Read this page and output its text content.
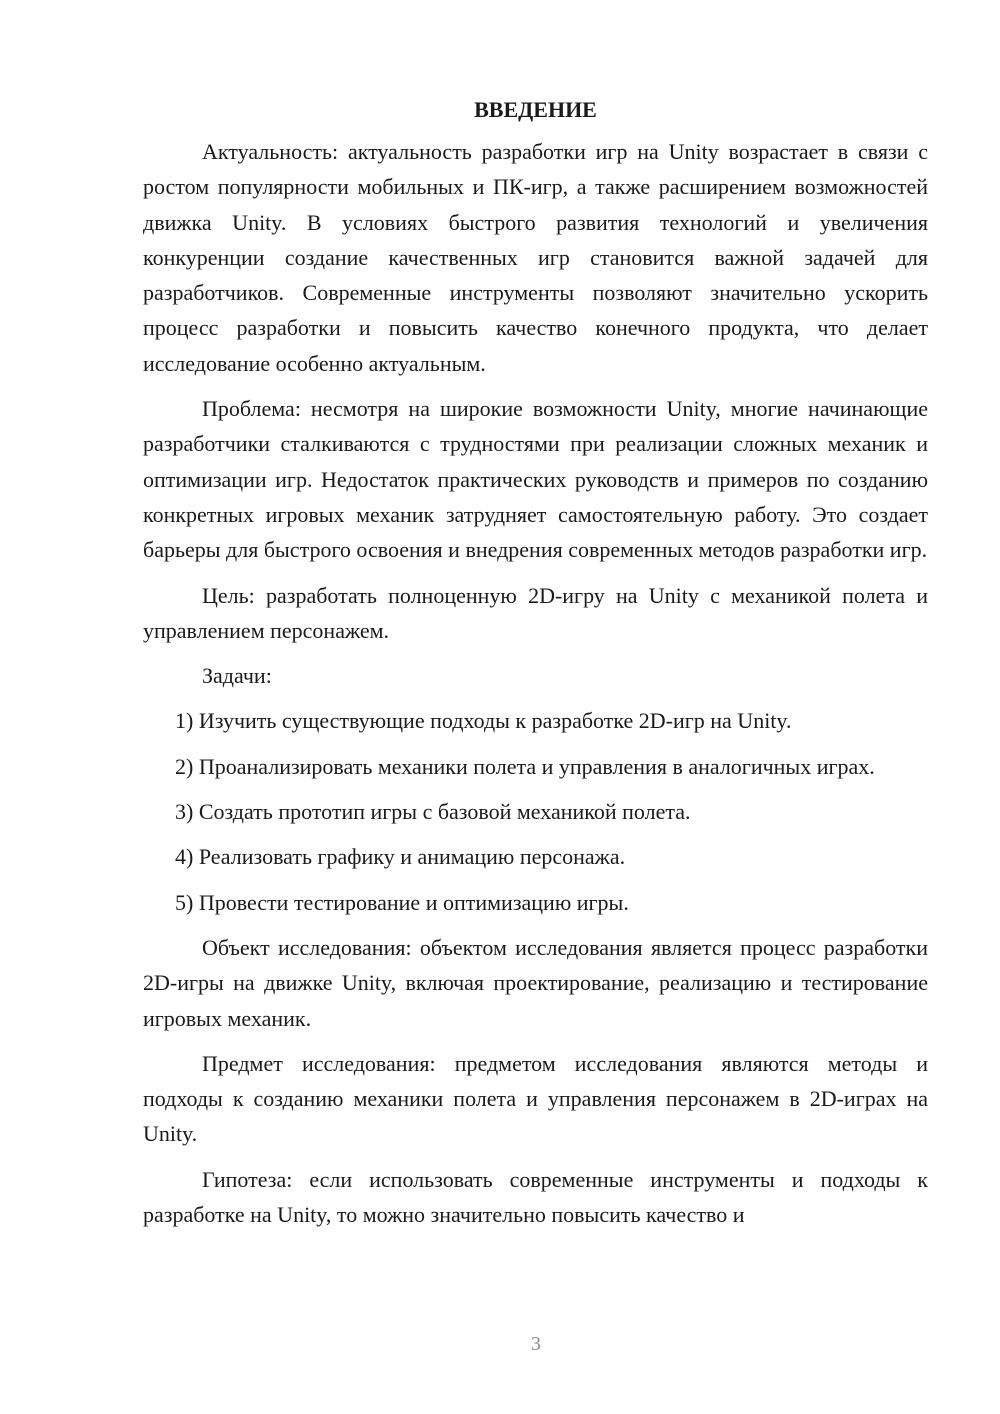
ВВЕДЕНИЕ

Актуальность: актуальность разработки игр на Unity возрастает в связи с ростом популярности мобильных и ПК-игр, а также расширением возможностей движка Unity. В условиях быстрого развития технологий и увеличения конкуренции создание качественных игр становится важной задачей для разработчиков. Современные инструменты позволяют значительно ускорить процесс разработки и повысить качество конечного продукта, что делает исследование особенно актуальным.

Проблема: несмотря на широкие возможности Unity, многие начинающие разработчики сталкиваются с трудностями при реализации сложных механик и оптимизации игр. Недостаток практических руководств и примеров по созданию конкретных игровых механик затрудняет самостоятельную работу. Это создает барьеры для быстрого освоения и внедрения современных методов разработки игр.

Цель: разработать полноценную 2D-игру на Unity с механикой полета и управлением персонажем.

Задачи:

1) Изучить существующие подходы к разработке 2D-игр на Unity.

2) Проанализировать механики полета и управления в аналогичных играх.

3) Создать прототип игры с базовой механикой полета.

4) Реализовать графику и анимацию персонажа.

5) Провести тестирование и оптимизацию игры.

Объект исследования: объектом исследования является процесс разработки 2D-игры на движке Unity, включая проектирование, реализацию и тестирование игровых механик.

Предмет исследования: предметом исследования являются методы и подходы к созданию механики полета и управления персонажем в 2D-играх на Unity.

Гипотеза: если использовать современные инструменты и подходы к разработке на Unity, то можно значительно повысить качество и

3
